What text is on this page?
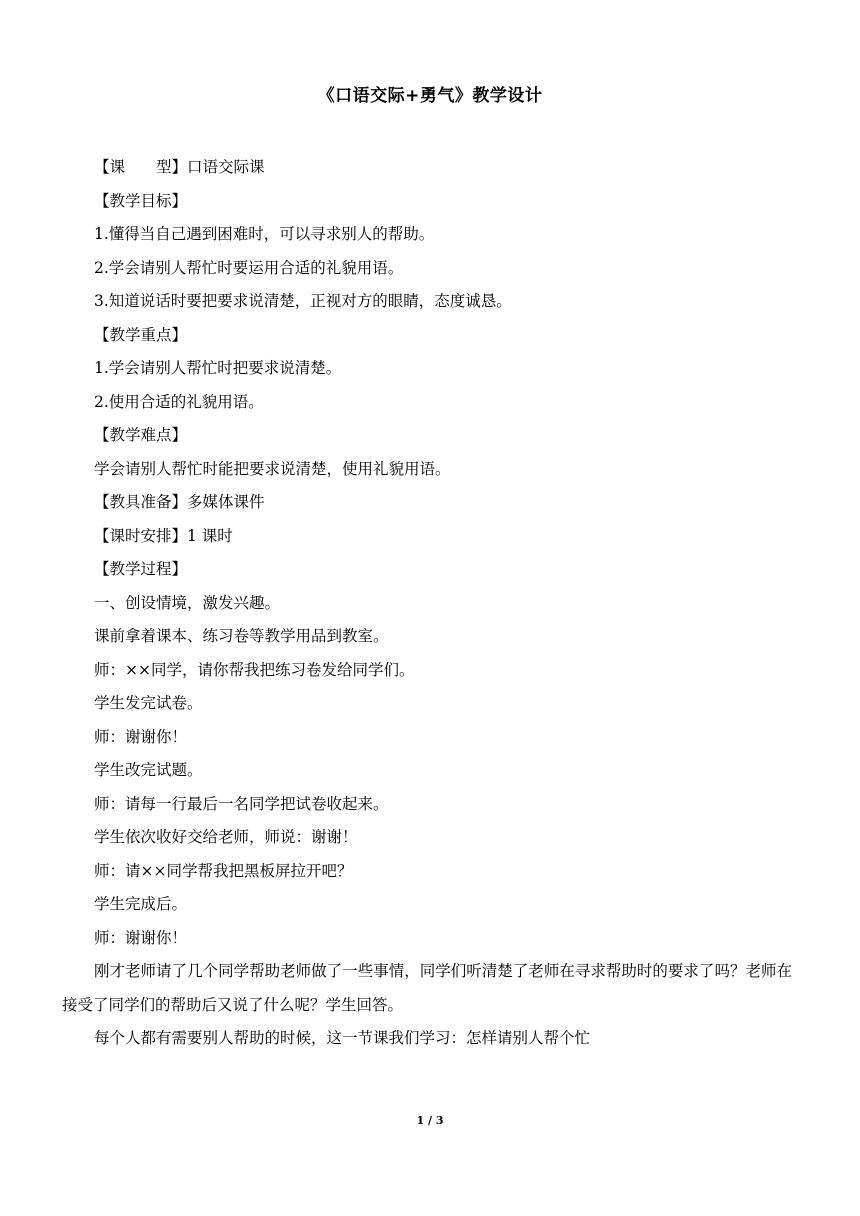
《口语交际+勇气》教学设计
【课　　型】口语交际课
【教学目标】
1.懂得当自己遇到困难时，可以寻求别人的帮助。
2.学会请别人帮忙时要运用合适的礼貌用语。
3.知道说话时要把要求说清楚，正视对方的眼睛，态度诚恳。
【教学重点】
1.学会请别人帮忙时把要求说清楚。
2.使用合适的礼貌用语。
【教学难点】
学会请别人帮忙时能把要求说清楚，使用礼貌用语。
【教具准备】多媒体课件
【课时安排】1 课时
【教学过程】
一、创设情境，激发兴趣。
课前拿着课本、练习卷等教学用品到教室。
师：××同学，请你帮我把练习卷发给同学们。
学生发完试卷。
师：谢谢你！
学生改完试题。
师：请每一行最后一名同学把试卷收起来。
学生依次收好交给老师，师说：谢谢！
师：请××同学帮我把黑板屏拉开吧？
学生完成后。
师：谢谢你！
刚才老师请了几个同学帮助老师做了一些事情，同学们听清楚了老师在寻求帮助时的要求了吗？老师在接受了同学们的帮助后又说了什么呢？学生回答。
每个人都有需要别人帮助的时候，这一节课我们学习：怎样请别人帮个忙
1 / 3
